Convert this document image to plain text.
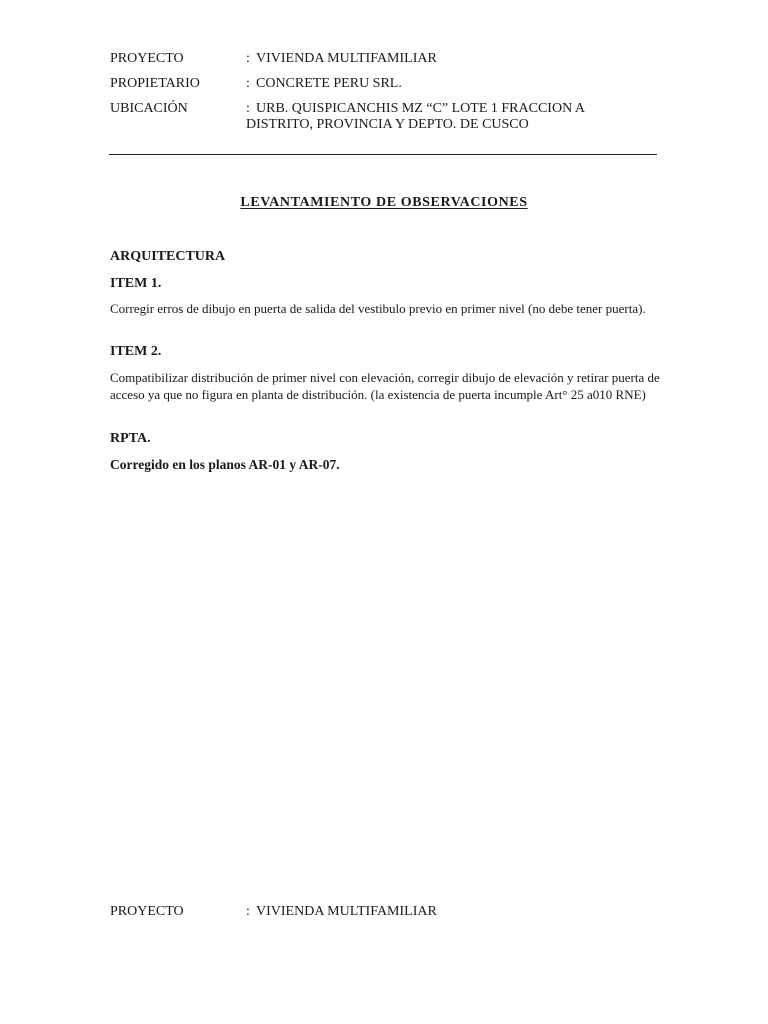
PROYECTO	: VIVIENDA MULTIFAMILIAR
PROPIETARIO	: CONCRETE PERU SRL.
UBICACIÓN	: URB. QUISPICANCHIS MZ “C” LOTE 1 FRACCION A
DISTRITO, PROVINCIA Y DEPTO. DE CUSCO
LEVANTAMIENTO DE OBSERVACIONES
ARQUITECTURA
ITEM 1.
Corregir erros de dibujo en puerta de salida del vestibulo previo en primer nivel (no debe tener puerta).
ITEM 2.
Compatibilizar distribución de primer nivel con elevación, corregir dibujo de elevación y retirar puerta de acceso ya que no figura en planta de distribución. (la existencia de puerta incumple Art° 25 a010 RNE)
RPTA.
Corregido en los planos AR-01 y AR-07.
PROYECTO	: VIVIENDA MULTIFAMILIAR
